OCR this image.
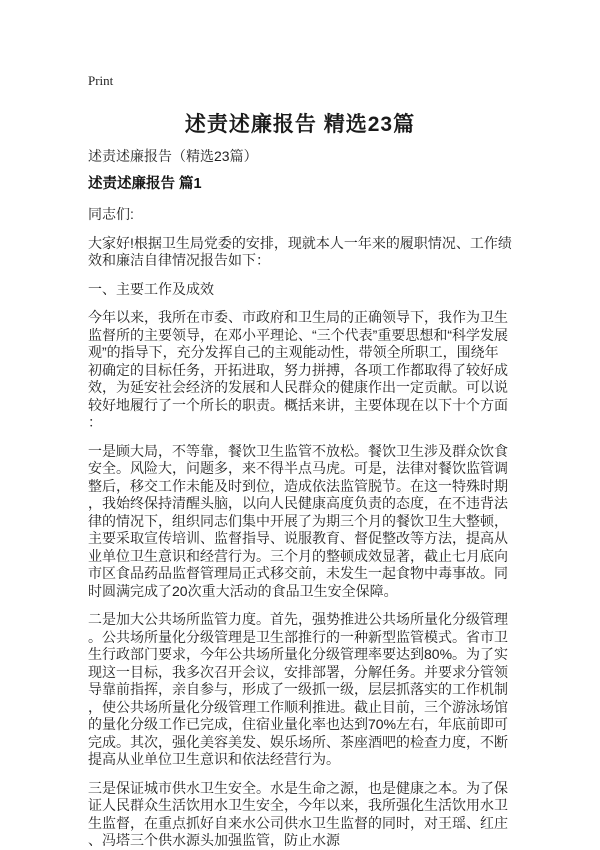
Print
述责述廉报告 精选23篇
述责述廉报告（精选23篇）
述责述廉报告 篇1

同志们:

大家好!根据卫生局党委的安排，现就本人一年来的履职情况、工作绩效和廉洁自律情况报告如下：

一、主要工作及成效

今年以来，我所在市委、市政府和卫生局的正确领导下，我作为卫生监督所的主要领导，在邓小平理论、“三个代表”重要思想和“科学发展观”的指导下，充分发挥自己的主观能动性，带领全所职工，围绕年初确定的目标任务，开拓进取，努力拼搏，各项工作都取得了较好成效，为延安社会经济的发展和人民群众的健康作出一定贡献。可以说较好地履行了一个所长的职责。概括来讲，主要体现在以下十个方面：

一是顾大局，不等靠，餐饮卫生监管不放松。餐饮卫生涉及群众饮食安全。风险大，问题多，来不得半点马虎。可是，法律对餐饮监管调整后，移交工作未能及时到位，造成依法监管脱节。在这一特殊时期，我始终保持清醒头脑，以向人民健康高度负责的态度，在不违背法律的情况下，组织同志们集中开展了为期三个月的餐饮卫生大整顿，主要采取宣传培训、监督指导、说服教育、督促整改等方法，提高从业单位卫生意识和经营行为。三个月的整顿成效显著，截止七月底向市区食品药品监督管理局正式移交前，未发生一起食物中毒事故。同时圆满完成了20次重大活动的食品卫生安全保障。

二是加大公共场所监管力度。首先，强势推进公共场所量化分级管理。公共场所量化分级管理是卫生部推行的一种新型监管模式。省市卫生行政部门要求，今年公共场所量化分级管理率要达到80%。为了实现这一目标，我多次召开会议，安排部署，分解任务。并要求分管领导靠前指挥，亲自参与，形成了一级抓一级，层层抓落实的工作机制，使公共场所量化分级管理工作顺利推进。截止目前，三个游泳场馆的量化分级工作已完成，住宿业量化率也达到70%左右，年底前即可完成。其次，强化美容美发、娱乐场所、茶座酒吧的检查力度，不断提高从业单位卫生意识和依法经营行为。

三是保证城市供水卫生安全。水是生命之源，也是健康之本。为了保证人民群众生活饮用水卫生安全，今年以来，我所强化生活饮用水卫生监督，在重点抓好自来水公司供水卫生监督的同时，对王瑶、红庄、冯塔三个供水源头加强监管，防止水源
